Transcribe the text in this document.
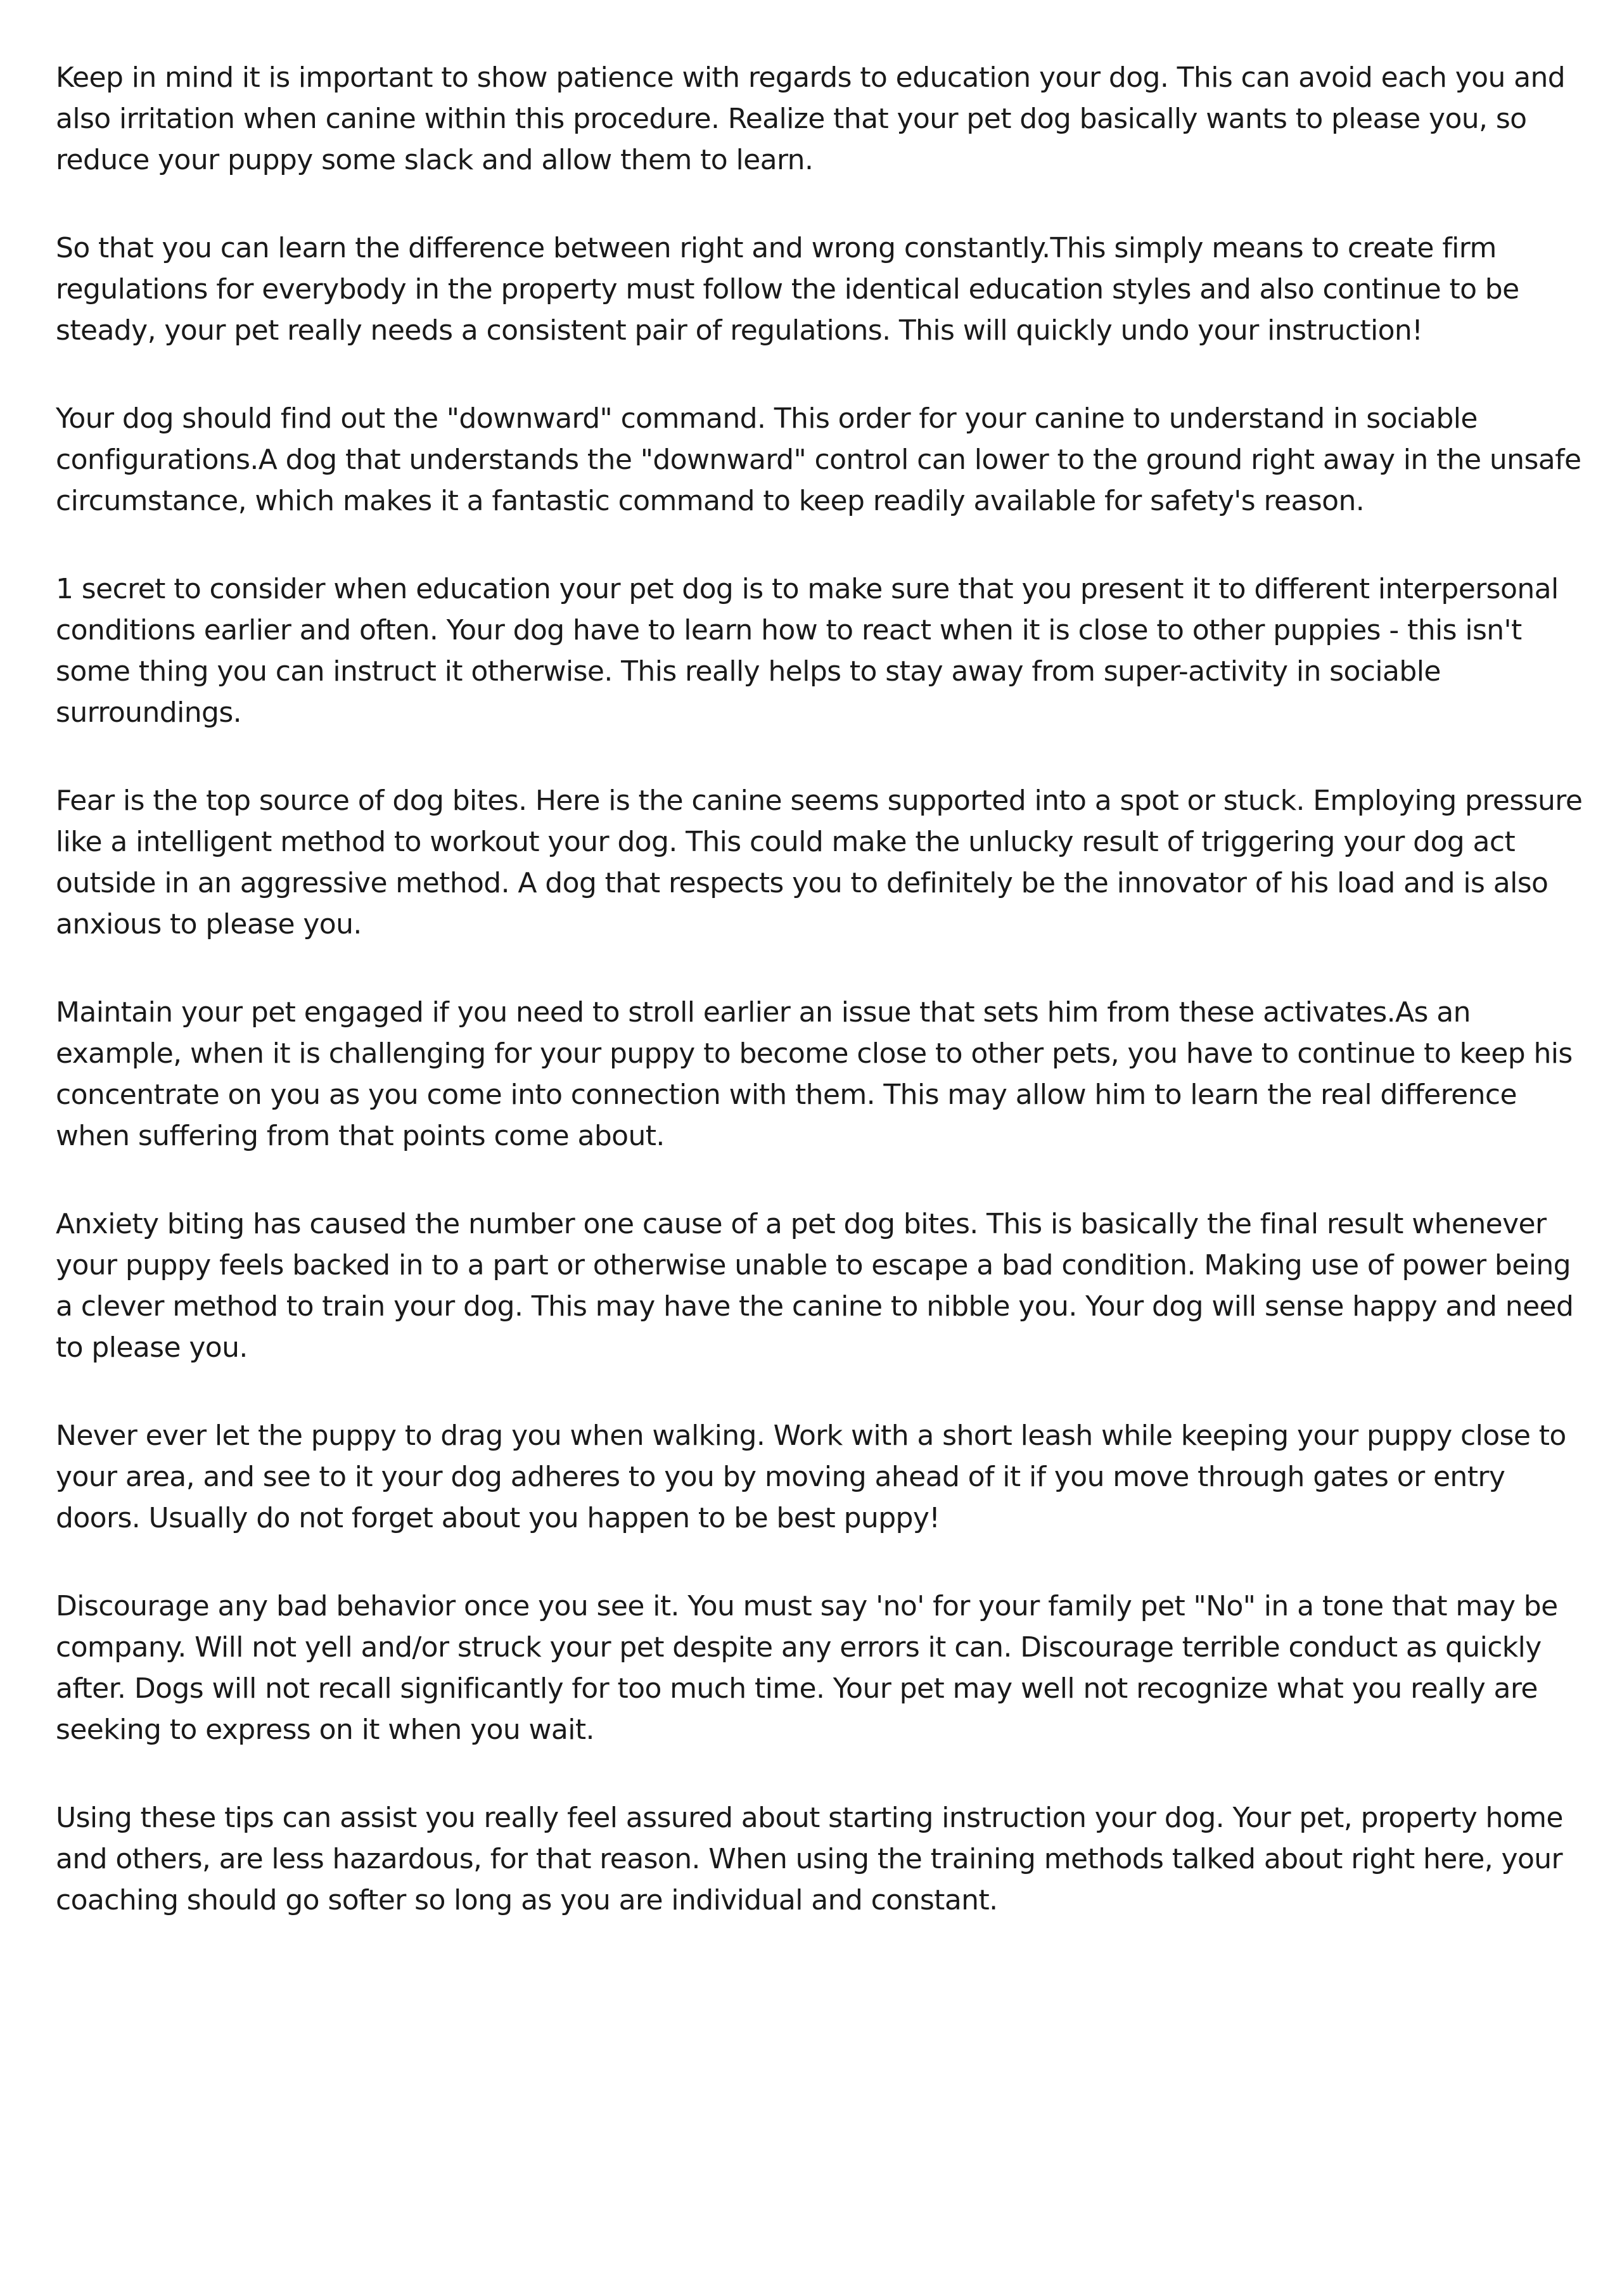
Keep in mind it is important to show patience with regards to education your dog. This can avoid each you and also irritation when canine within this procedure. Realize that your pet dog basically wants to please you, so reduce your puppy some slack and allow them to learn.

So that you can learn the difference between right and wrong constantly.This simply means to create firm regulations for everybody in the property must follow the identical education styles and also continue to be steady, your pet really needs a consistent pair of regulations. This will quickly undo your instruction!

Your dog should find out the "downward" command. This order for your canine to understand in sociable configurations.A dog that understands the "downward" control can lower to the ground right away in the unsafe circumstance, which makes it a fantastic command to keep readily available for safety's reason.

1 secret to consider when education your pet dog is to make sure that you present it to different interpersonal conditions earlier and often. Your dog have to learn how to react when it is close to other puppies - this isn't some thing you can instruct it otherwise. This really helps to stay away from super-activity in sociable surroundings.

Fear is the top source of dog bites. Here is the canine seems supported into a spot or stuck. Employing pressure like a intelligent method to workout your dog. This could make the unlucky result of triggering your dog act outside in an aggressive method. A dog that respects you to definitely be the innovator of his load and is also anxious to please you.

Maintain your pet engaged if you need to stroll earlier an issue that sets him from these activates.As an example, when it is challenging for your puppy to become close to other pets, you have to continue to keep his concentrate on you as you come into connection with them. This may allow him to learn the real difference when suffering from that points come about.

Anxiety biting has caused the number one cause of a pet dog bites. This is basically the final result whenever your puppy feels backed in to a part or otherwise unable to escape a bad condition. Making use of power being a clever method to train your dog. This may have the canine to nibble you. Your dog will sense happy and need to please you.

Never ever let the puppy to drag you when walking. Work with a short leash while keeping your puppy close to your area, and see to it your dog adheres to you by moving ahead of it if you move through gates or entry doors. Usually do not forget about you happen to be best puppy!

Discourage any bad behavior once you see it. You must say 'no' for your family pet "No" in a tone that may be company. Will not yell and/or struck your pet despite any errors it can. Discourage terrible conduct as quickly after. Dogs will not recall significantly for too much time. Your pet may well not recognize what you really are seeking to express on it when you wait.

Using these tips can assist you really feel assured about starting instruction your dog. Your pet, property home and others, are less hazardous, for that reason. When using the training methods talked about right here, your coaching should go softer so long as you are individual and constant.
